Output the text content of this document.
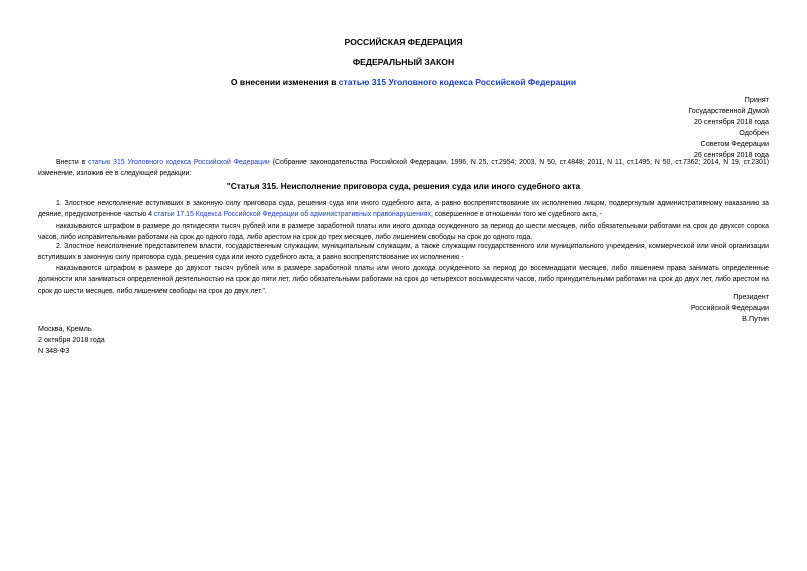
РОССИЙСКАЯ ФЕДЕРАЦИЯ
ФЕДЕРАЛЬНЫЙ ЗАКОН
О внесении изменения в статью 315 Уголовного кодекса Российской Федерации
Принят
Государственной Думой
20 сентября 2018 года
Одобрен
Советом Федерации
26 сентября 2018 года
Внести в статью 315 Уголовного кодекса Российской Федерации (Собрание законодательства Российской Федерации, 1996, N 25, ст.2954; 2003, N 50, ст.4848; 2011, N 11, ст.1495; N 50, ст.7362; 2014, N 19, ст.2301) изменение, изложив ее в следующей редакции:
"Статья 315. Неисполнение приговора суда, решения суда или иного судебного акта
1. Злостное неисполнение вступивших в законную силу приговора суда, решения суда или иного судебного акта, а равно воспрепятствование их исполнению лицом, подвергнутым административному наказанию за деяние, предусмотренное частью 4 статьи 17.15 Кодекса Российской Федерации об административных правонарушениях, совершенное в отношении того же судебного акта, -
наказываются штрафом в размере до пятидесяти тысяч рублей или в размере заработной платы или иного дохода осужденного за период до шести месяцев, либо обязательными работами на срок до двухсот сорока часов, либо исправительными работами на срок до одного года, либо арестом на срок до трех месяцев, либо лишением свободы на срок до одного года.
2. Злостное неисполнение представителем власти, государственным служащим, муниципальным служащим, а также служащим государственного или муниципального учреждения, коммерческой или иной организации вступивших в законную силу приговора суда, решения суда или иного судебного акта, а равно воспрепятствование их исполнению -
наказываются штрафом в размере до двухсот тысяч рублей или в размере заработной платы или иного дохода осужденного за период до восемнадцати месяцев, либо лишением права занимать определенные должности или заниматься определенной деятельностью на срок до пяти лет, либо обязательными работами на срок до четырехсот восьмидесяти часов, либо принудительными работами на срок до двух лет, либо арестом на срок до шести месяцев, либо лишением свободы на срок до двух лет.".
Президент
Российской Федерации
В.Путин
Москва, Кремль
2 октября 2018 года
N 348-ФЗ
